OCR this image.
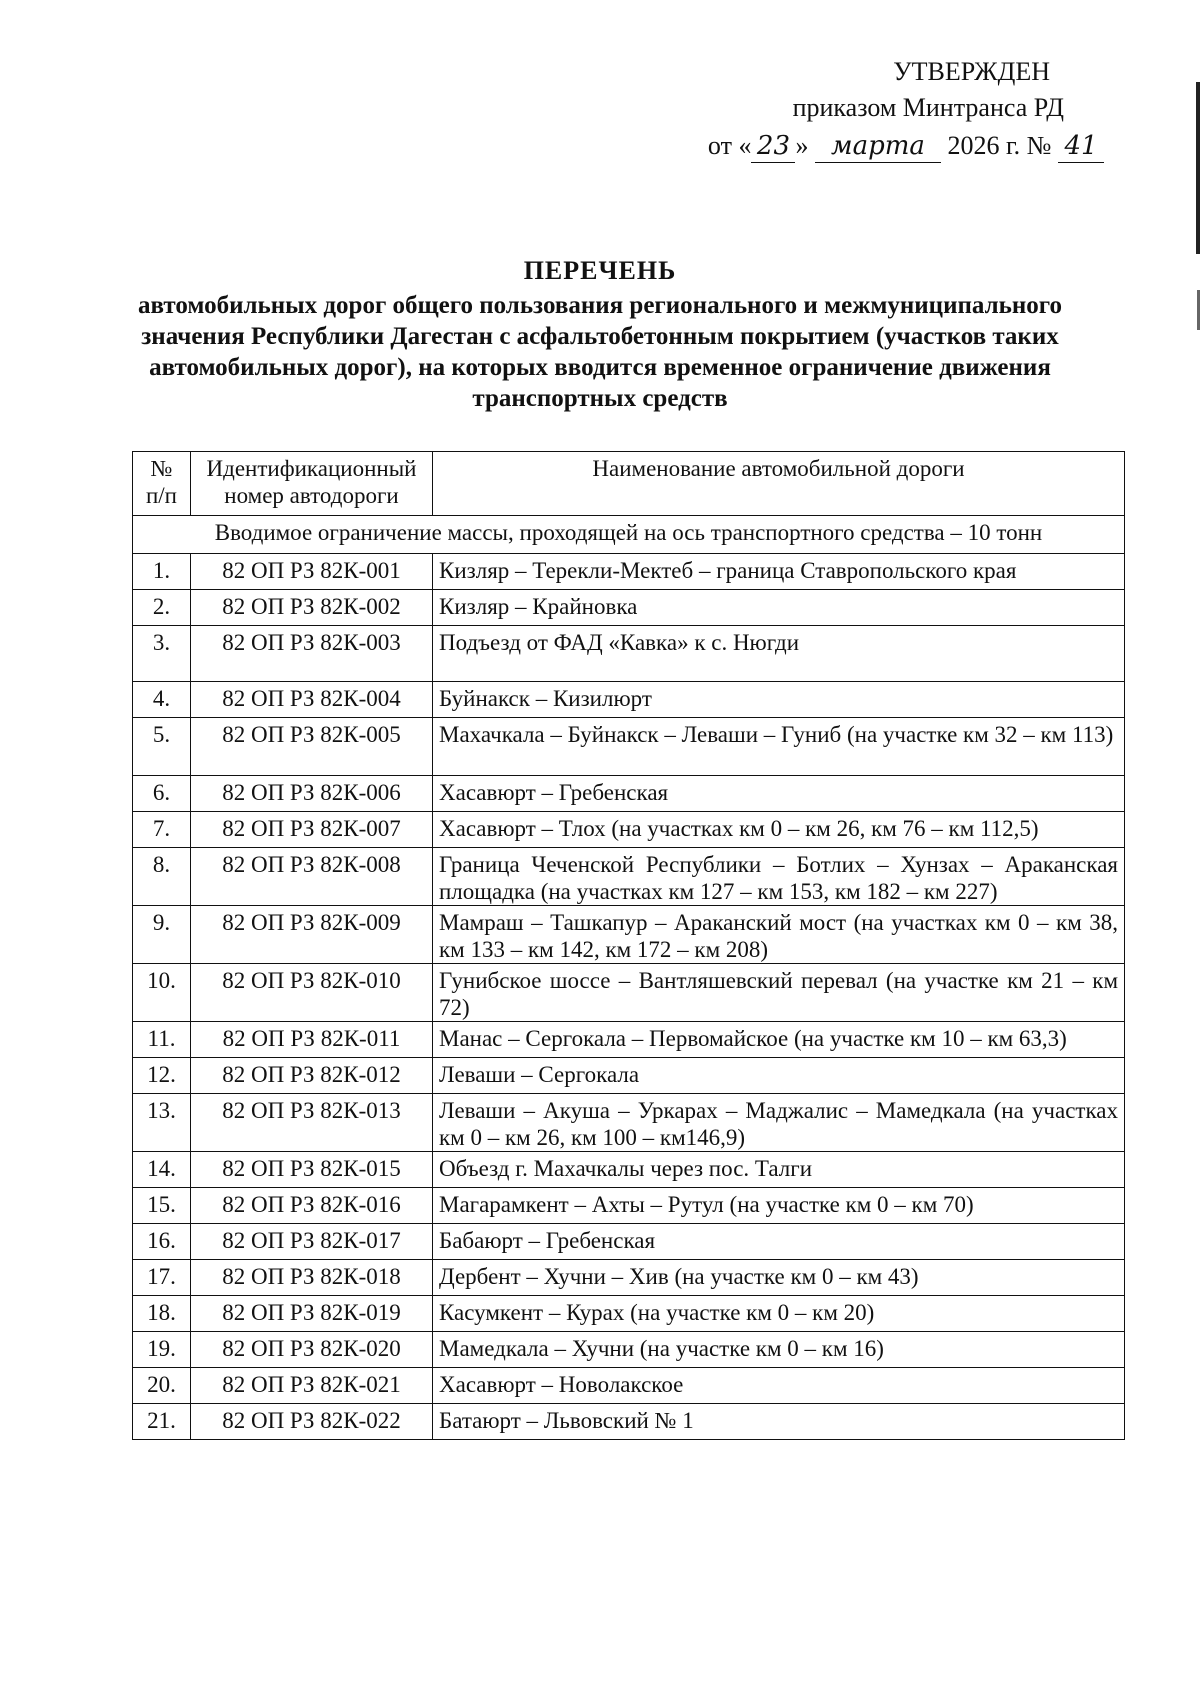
УТВЕРЖДЕН
приказом Минтранса РД
от « 23 » марта 2026 г. № 41
ПЕРЕЧЕНЬ
автомобильных дорог общего пользования регионального и межмуниципального значения Республики Дагестан с асфальтобетонным покрытием (участков таких автомобильных дорог), на которых вводится временное ограничение движения транспортных средств
№ п/п	Идентификационный номер автодороги	Наименование автомобильной дороги
Вводимое ограничение массы, проходящей на ось транспортного средства – 10 тонн		
1.	82 ОП РЗ 82К-001	Кизляр – Терекли-Мектеб – граница Ставропольского края
2.	82 ОП РЗ 82К-002	Кизляр – Крайновка
3.	82 ОП РЗ 82К-003	Подъезд от ФАД «Кавка» к с. Нюгди
4.	82 ОП РЗ 82К-004	Буйнакск – Кизилюрт
5.	82 ОП РЗ 82К-005	Махачкала – Буйнакск – Леваши – Гуниб (на участке км 32 – км 113)
6.	82 ОП РЗ 82К-006	Хасавюрт – Гребенская
7.	82 ОП РЗ 82К-007	Хасавюрт – Тлох (на участках км 0 – км 26, км 76 – км 112,5)
8.	82 ОП РЗ 82К-008	Граница Чеченской Республики – Ботлих – Хунзах – Араканская площадка (на участках км 127 – км 153, км 182 – км 227)
9.	82 ОП РЗ 82К-009	Мамраш – Ташкапур – Араканский мост (на участках км 0 – км 38, км 133 – км 142, км 172 – км 208)
10.	82 ОП РЗ 82К-010	Гунибское шоссе – Вантляшевский перевал (на участке км 21 – км 72)
11.	82 ОП РЗ 82К-011	Манас – Сергокала – Первомайское (на участке км 10 – км 63,3)
12.	82 ОП РЗ 82К-012	Леваши – Сергокала
13.	82 ОП РЗ 82К-013	Леваши – Акуша – Уркарах – Маджалис – Мамедкала (на участках км 0 – км 26, км 100 – км146,9)
14.	82 ОП РЗ 82К-015	Объезд г. Махачкалы через пос. Талги
15.	82 ОП РЗ 82К-016	Магарамкент – Ахты – Рутул (на участке км 0 – км 70)
16.	82 ОП РЗ 82К-017	Бабаюрт – Гребенская
17.	82 ОП РЗ 82К-018	Дербент – Хучни – Хив (на участке км 0 – км 43)
18.	82 ОП РЗ 82К-019	Касумкент – Курах (на участке км 0 – км 20)
19.	82 ОП РЗ 82К-020	Мамедкала – Хучни (на участке км 0 – км 16)
20.	82 ОП РЗ 82К-021	Хасавюрт – Новолакское
21.	82 ОП РЗ 82К-022	Батаюрт – Львовский № 1
